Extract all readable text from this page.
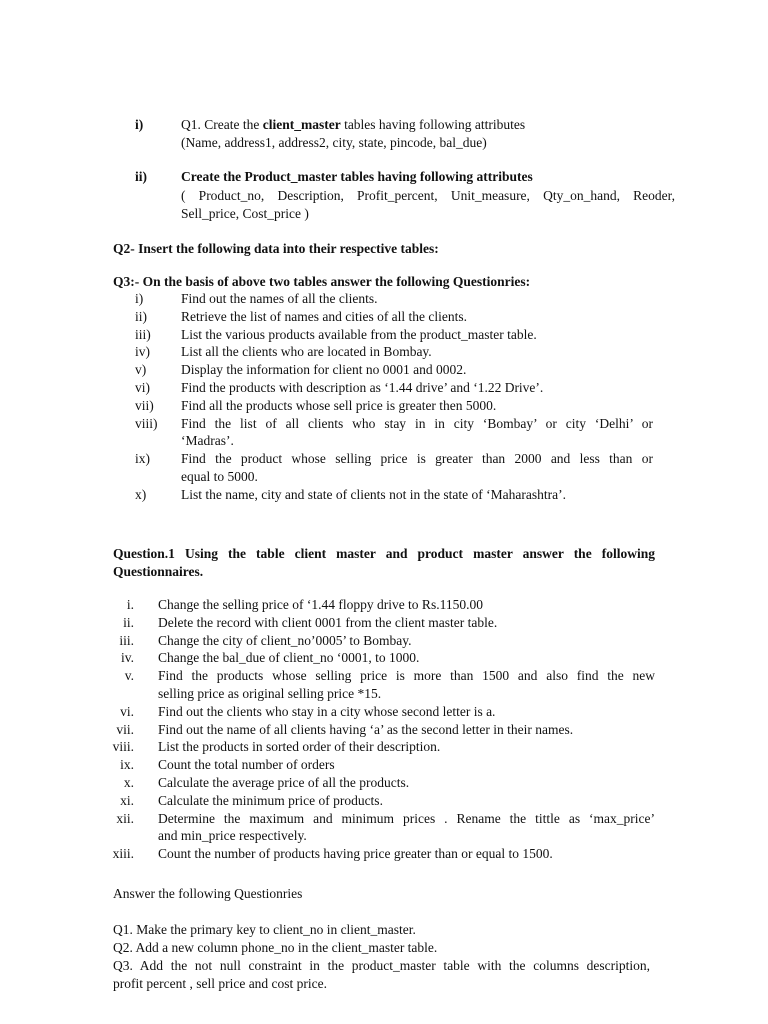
i)	Q1. Create the client_master tables having following attributes
(Name, address1, address2, city, state, pincode, bal_due)
ii)	Create the Product_master tables having following attributes
( Product_no, Description, Profit_percent, Unit_measure, Qty_on_hand, Reoder,
Sell_price, Cost_price )
Q2- Insert the following data into their respective tables:
Q3:- On the basis of above two tables answer the following Questionries:
i)	Find out the names of all the clients.
ii)	Retrieve the list of names and cities of all the clients.
iii)	List the various products available from the product_master table.
iv)	List all the clients who are located in Bombay.
v)	Display the information for client no 0001 and 0002.
vi)	Find the products with description as ‘1.44 drive’ and ‘1.22 Drive’.
vii)	Find all the products whose sell price is greater then 5000.
viii)	Find the list of all clients who stay in in city ‘Bombay’ or city ‘Delhi’ or
‘Madras’.
ix)	Find the product whose selling price is greater than 2000 and less than or
equal to 5000.
x)	List the name, city and state of clients not in the state of ‘Maharashtra’.
Question.1 Using the table client master and product master answer the following
Questionnaires.
i. Change the selling price of ‘1.44 floppy drive to Rs.1150.00
ii. Delete the record with client 0001 from the client master table.
iii. Change the city of client_no’0005’ to Bombay.
iv. Change the bal_due of client_no ‘0001, to 1000.
v. Find the products whose selling price is more than 1500 and also find the new
selling price as original selling price *15.
vi. Find out the clients who stay in a city whose second letter is a.
vii. Find out the name of all clients having ‘a’ as the second letter in their names.
viii. List the products in sorted order of their description.
ix. Count the total number of orders
x. Calculate the average price of all the products.
xi. Calculate the minimum price of products.
xii. Determine the maximum and minimum prices . Rename the tittle as ‘max_price’
and min_price respectively.
xiii. Count the number of products having price greater than or equal to 1500.
Answer the following Questionries
Q1. Make the primary key to client_no in client_master.
Q2. Add a new column phone_no in the client_master table.
Q3. Add the not null constraint in the product_master table with the columns description,
profit percent , sell price and cost price.
